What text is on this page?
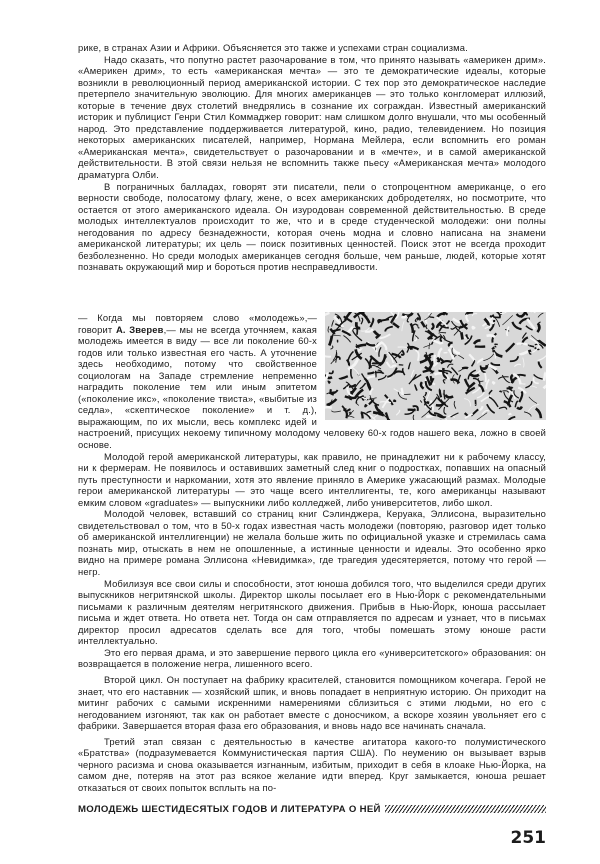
рике, в странах Азии и Африки. Объясняется это также и успехами стран социализма.

Надо сказать, что попутно растет разочарование в том, что принято называть «америкен дрим». «Америкен дрим», то есть «американская мечта» — это те демократические идеалы, которые возникли в революционный период американской истории. С тех пор это демократическое наследие претерпело значительную эволюцию. Для многих американцев — это только конгломерат иллюзий, которые в течение двух столетий внедрялись в сознание их сограждан. Известный американский историк и публицист Генри Стил Коммаджер говорит: нам слишком долго внушали, что мы особенный народ. Это представление поддерживается литературой, кино, радио, телевидением. Но позиция некоторых американских писателей, например, Нормана Мейлера, если вспомнить его роман «Американская мечта», свидетельствует о разочаровании и в «мечте», и в самой американской действительности. В этой связи нельзя не вспомнить также пьесу «Американская мечта» молодого драматурга Олби.

В пограничных балладах, говорят эти писатели, пели о стопроцентном американце, о его верности свободе, полосатому флагу, жене, о всех американских добродетелях, но посмотрите, что остается от этого американского идеала. Он изуродован современной действительностью. В среде молодых интеллектуалов происходит то же, что и в среде студенческой молодежи: они полны негодования по адресу безнадежности, которая очень модна и словно написана на знамени американской литературы; их цель — поиск позитивных ценностей. Поиск этот не всегда проходит безболезненно. Но среди молодых американцев сегодня больше, чем раньше, людей, которые хотят познавать окружающий мир и бороться против несправедливости.

— Когда мы повторяем слово «молодежь»,— говорит А. Зверев,— мы не всегда уточняем, какая молодежь имеется в виду — все ли поколение 60-х годов или только известная его часть. А уточнение здесь необходимо, потому что свойственное социологам на Западе стремление непременно наградить поколение тем или иным эпитетом («поколение икс», «поколение твиста», «выбитые из седла», «скептическое поколение» и т. д.), выражающим, по их мысли, весь комплекс идей и настроений, присущих некоему типичному молодому человеку 60-х годов нашего века, ложно в своей основе.

Молодой герой американской литературы, как правило, не принадлежит ни к рабочему классу, ни к фермерам. Не появилось и оставивших заметный след книг о подростках, попавших на опасный путь преступности и наркомании, хотя это явление приняло в Америке ужасающий размах. Молодые герои американской литературы — это чаще всего интеллигенты, те, кого американцы называют емким словом «graduates» — выпускники либо колледжей, либо университетов, либо школ.

Молодой человек, вставший со страниц книг Сэлинджера, Керуака, Эллисона, выразительно свидетельствовал о том, что в 50-х годах известная часть молодежи (повторяю, разговор идет только об американской интеллигенции) не желала больше жить по официальной указке и стремилась сама познать мир, отыскать в нем не опошленные, а истинные ценности и идеалы. Это особенно ярко видно на примере романа Эллисона «Невидимка», где трагедия удесятеряется, потому что герой — негр.

Мобилизуя все свои силы и способности, этот юноша добился того, что выделился среди других выпускников негритянской школы. Директор школы посылает его в Нью-Йорк с рекомендательными письмами к различным деятелям негритянского движения. Прибыв в Нью-Йорк, юноша рассылает письма и ждет ответа. Но ответа нет. Тогда он сам отправляется по адресам и узнает, что в письмах директор просил адресатов сделать все для того, чтобы помешать этому юноше расти интеллектуально.

Это его первая драма, и это завершение первого цикла его «университетского» образования: он возвращается в положение негра, лишенного всего.

Второй цикл. Он поступает на фабрику красителей, становится помощником кочегара. Герой не знает, что его наставник — хозяйский шпик, и вновь попадает в неприятную историю. Он приходит на митинг рабочих с самыми искренними намерениями сблизиться с этими людьми, но его с негодованием изгоняют, так как он работает вместе с доносчиком, а вскоре хозяин увольняет его с фабрики. Завершается вторая фаза его образования, и вновь надо все начинать сначала.

Третий этап связан с деятельностью в качестве агитатора какого-то полумистического «Братства» (подразумевается Коммунистическая партия США). По неумению он вызывает взрыв черного расизма и снова оказывается изгнанным, избитым, приходит в себя в клоаке Нью-Йорка, на самом дне, потеряв на этот раз всякое желание идти вперед. Круг замыкается, юноша решает отказаться от своих попыток всплыть на по-

МОЛОДЕЖЬ ШЕСТИДЕСЯТЫХ ГОДОВ И ЛИТЕРАТУРА О НЕЙ
251
